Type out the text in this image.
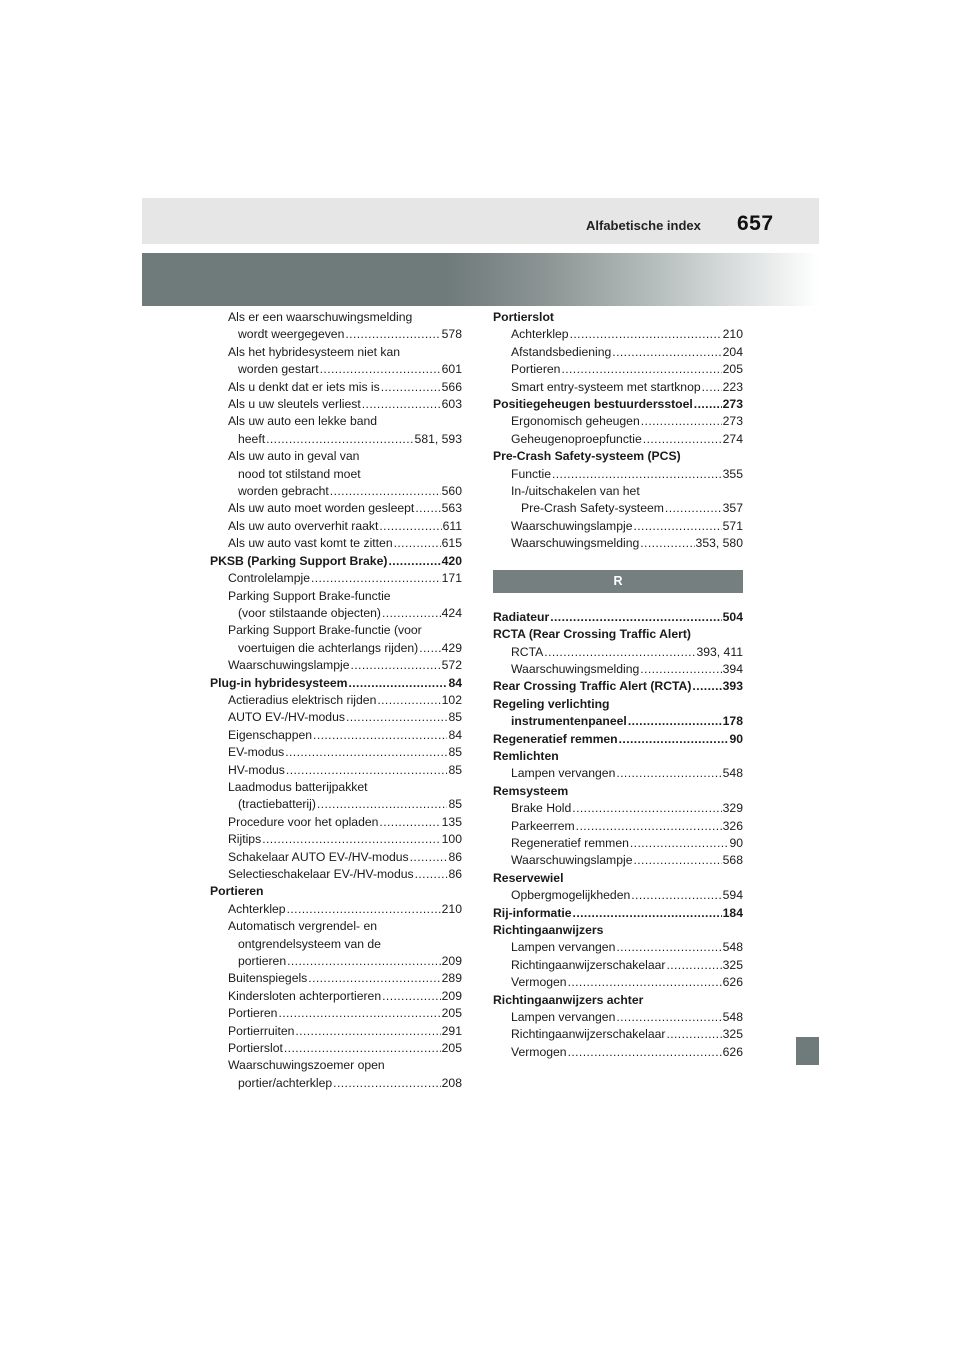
Alfabetische index 657
Als er een waarschuwingsmelding
wordt weergegeven .....	578
Als het hybridesysteem niet kan
worden gestart .....	601
Als u denkt dat er iets mis is .....	566
Als u uw sleutels verliest .....	603
Als uw auto een lekke band
heeft .....	581, 593
Als uw auto in geval van
nood tot stilstand moet
worden gebracht .....	560
Als uw auto moet worden gesleept ..... 563
Als uw auto oververhit raakt .....	611
Als uw auto vast komt te zitten .....	615
PKSB (Parking Support Brake) .....	420
Controlelampje .....	171
Parking Support Brake-functie
(voor stilstaande objecten) .....	424
Parking Support Brake-functie (voor
voertuigen die achterlangs rijden) ..... 429
Waarschuwingslampje .....	572
Plug-in hybridesysteem .....	84
Actieradius elektrisch rijden .....	102
AUTO EV-/HV-modus .....	85
Eigenschappen .....	84
EV-modus .....	85
HV-modus .....	85
Laadmodus batterijpakket
(tractiebatterij) .....	85
Procedure voor het opladen .....	135
Rijtips .....	100
Schakelaar AUTO EV-/HV-modus .....	86
Selectieschakelaar EV-/HV-modus .....	86
Portieren
Achterklep .....	210
Automatisch vergrendel- en
ontgrendelsysteem van de
portieren .....	209
Buitenspiegels .....	289
Kindersloten achterportieren .....	209
Portieren .....	205
Portierruiten .....	291
Portierslot .....	205
Waarschuwingszoemer open
portier/achterklep .....	208
Portierslot
Achterklep .....	210
Afstandsbediening .....	204
Portieren .....	205
Smart entry-systeem met startknop ..... 223
Positiegeheugen bestuurdersstoel ..... 273
Ergonomisch geheugen .....	273
Geheugenoproepfunctie .....	274
Pre-Crash Safety-systeem (PCS)
Functie .....	355
In-/uitschakelen van het
Pre-Crash Safety-systeem .....	357
Waarschuwingslampje .....	571
Waarschuwingsmelding .....	353, 580
R
Radiateur .....	504
RCTA (Rear Crossing Traffic Alert)
RCTA .....	393, 411
Waarschuwingsmelding .....	394
Rear Crossing Traffic Alert (RCTA) .....	393
Regeling verlichting
instrumentenpaneel .....	178
Regeneratief remmen .....	90
Remlichten
Lampen vervangen .....	548
Remsysteem
Brake Hold .....	329
Parkeerrem .....	326
Regeneratief remmen .....	90
Waarschuwingslampje .....	568
Reservewiel
Opbergmogelijkheden .....	594
Rij-informatie .....	184
Richtingaanwijzers
Lampen vervangen .....	548
Richtingaanwijzerschakelaar .....	325
Vermogen .....	626
Richtingaanwijzers achter
Lampen vervangen .....	548
Richtingaanwijzerschakelaar .....	325
Vermogen .....	626
